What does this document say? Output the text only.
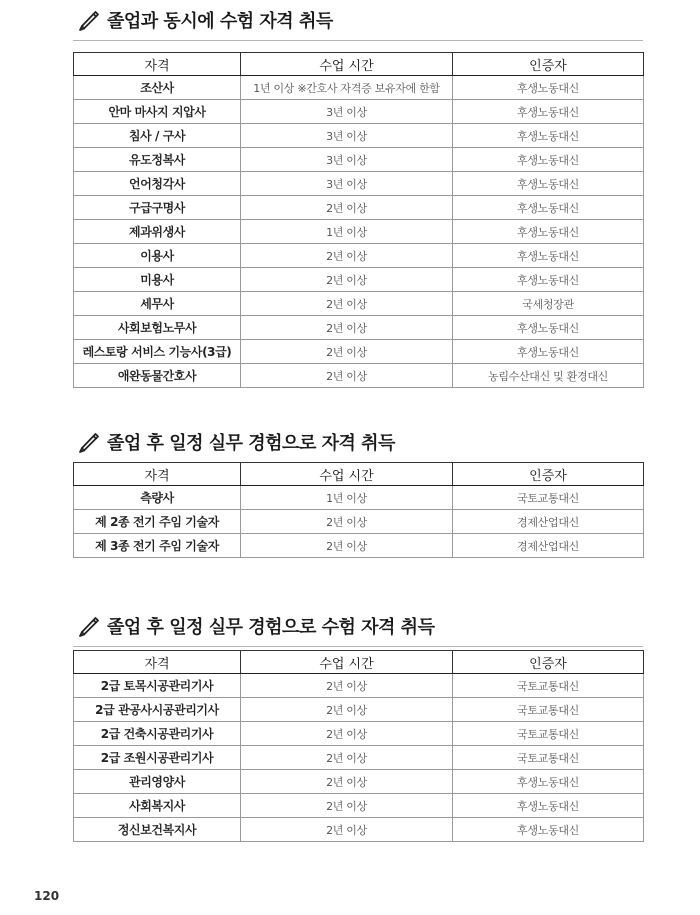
졸업과 동시에 수험 자격 취득
자격	수업 시간	인증자
조산사	1년 이상 ※간호사 자격증 보유자에 한함	후생노동대신
안마 마사지 지압사	3년 이상	후생노동대신
침사 / 구사	3년 이상	후생노동대신
유도정복사	3년 이상	후생노동대신
언어청각사	3년 이상	후생노동대신
구급구명사	2년 이상	후생노동대신
제과위생사	1년 이상	후생노동대신
이용사	2년 이상	후생노동대신
미용사	2년 이상	후생노동대신
세무사	2년 이상	국세청장관
사회보험노무사	2년 이상	후생노동대신
레스토랑 서비스 기능사(3급)	2년 이상	후생노동대신
애완동물간호사	2년 이상	농림수산대신 및 환경대신
졸업 후 일정 실무 경험으로 자격 취득
자격	수업 시간	인증자
측량사	1년 이상	국토교통대신
제 2종 전기 주임 기술자	2년 이상	경제산업대신
제 3종 전기 주임 기술자	2년 이상	경제산업대신
졸업 후 일정 실무 경험으로 수험 자격 취득
자격	수업 시간	인증자
2급 토목시공관리기사	2년 이상	국토교통대신
2급 관공사시공관리기사	2년 이상	국토교통대신
2급 건축시공관리기사	2년 이상	국토교통대신
2급 조원시공관리기사	2년 이상	국토교통대신
관리영양사	2년 이상	후생노동대신
사회복지사	2년 이상	후생노동대신
정신보건복지사	2년 이상	후생노동대신
120
